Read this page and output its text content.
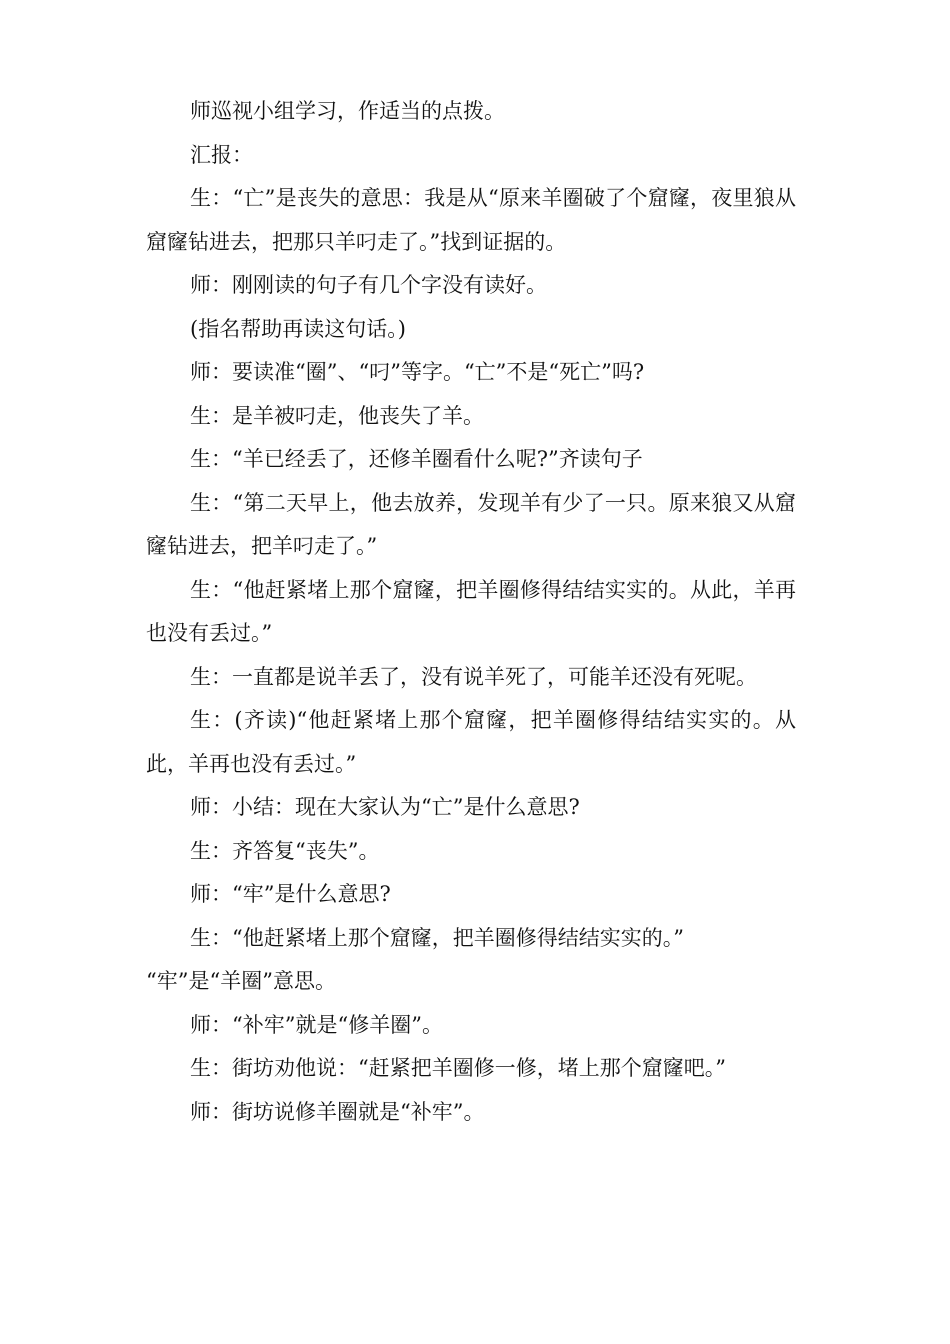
师巡视小组学习，作适当的点拨。

汇报：

生：“亡”是丧失的意思：我是从“原来羊圈破了个窟窿，夜里狼从窟窿钻进去，把那只羊叼走了。”找到证据的。

师：刚刚读的句子有几个字没有读好。

(指名帮助再读这句话。)

师：要读准“圈”、“叼”等字。“亡”不是“死亡”吗?

生：是羊被叼走，他丧失了羊。

生：“羊已经丢了，还修羊圈看什么呢?”齐读句子

生：“第二天早上，他去放养，发现羊有少了一只。原来狼又从窟窿钻进去，把羊叼走了。”

生：“他赶紧堵上那个窟窿，把羊圈修得结结实实的。从此，羊再也没有丢过。”

生：一直都是说羊丢了，没有说羊死了，可能羊还没有死呢。

生：(齐读)“他赶紧堵上那个窟窿，把羊圈修得结结实实的。从此，羊再也没有丢过。”

师：小结：现在大家认为“亡”是什么意思?

生：齐答复“丧失”。

师：“牢”是什么意思?

生：“他赶紧堵上那个窟窿，把羊圈修得结结实实的。”

“牢”是“羊圈”意思。

师：“补牢”就是“修羊圈”。

生：街坊劝他说：“赶紧把羊圈修一修，堵上那个窟窿吧。”

师：街坊说修羊圈就是“补牢”。
